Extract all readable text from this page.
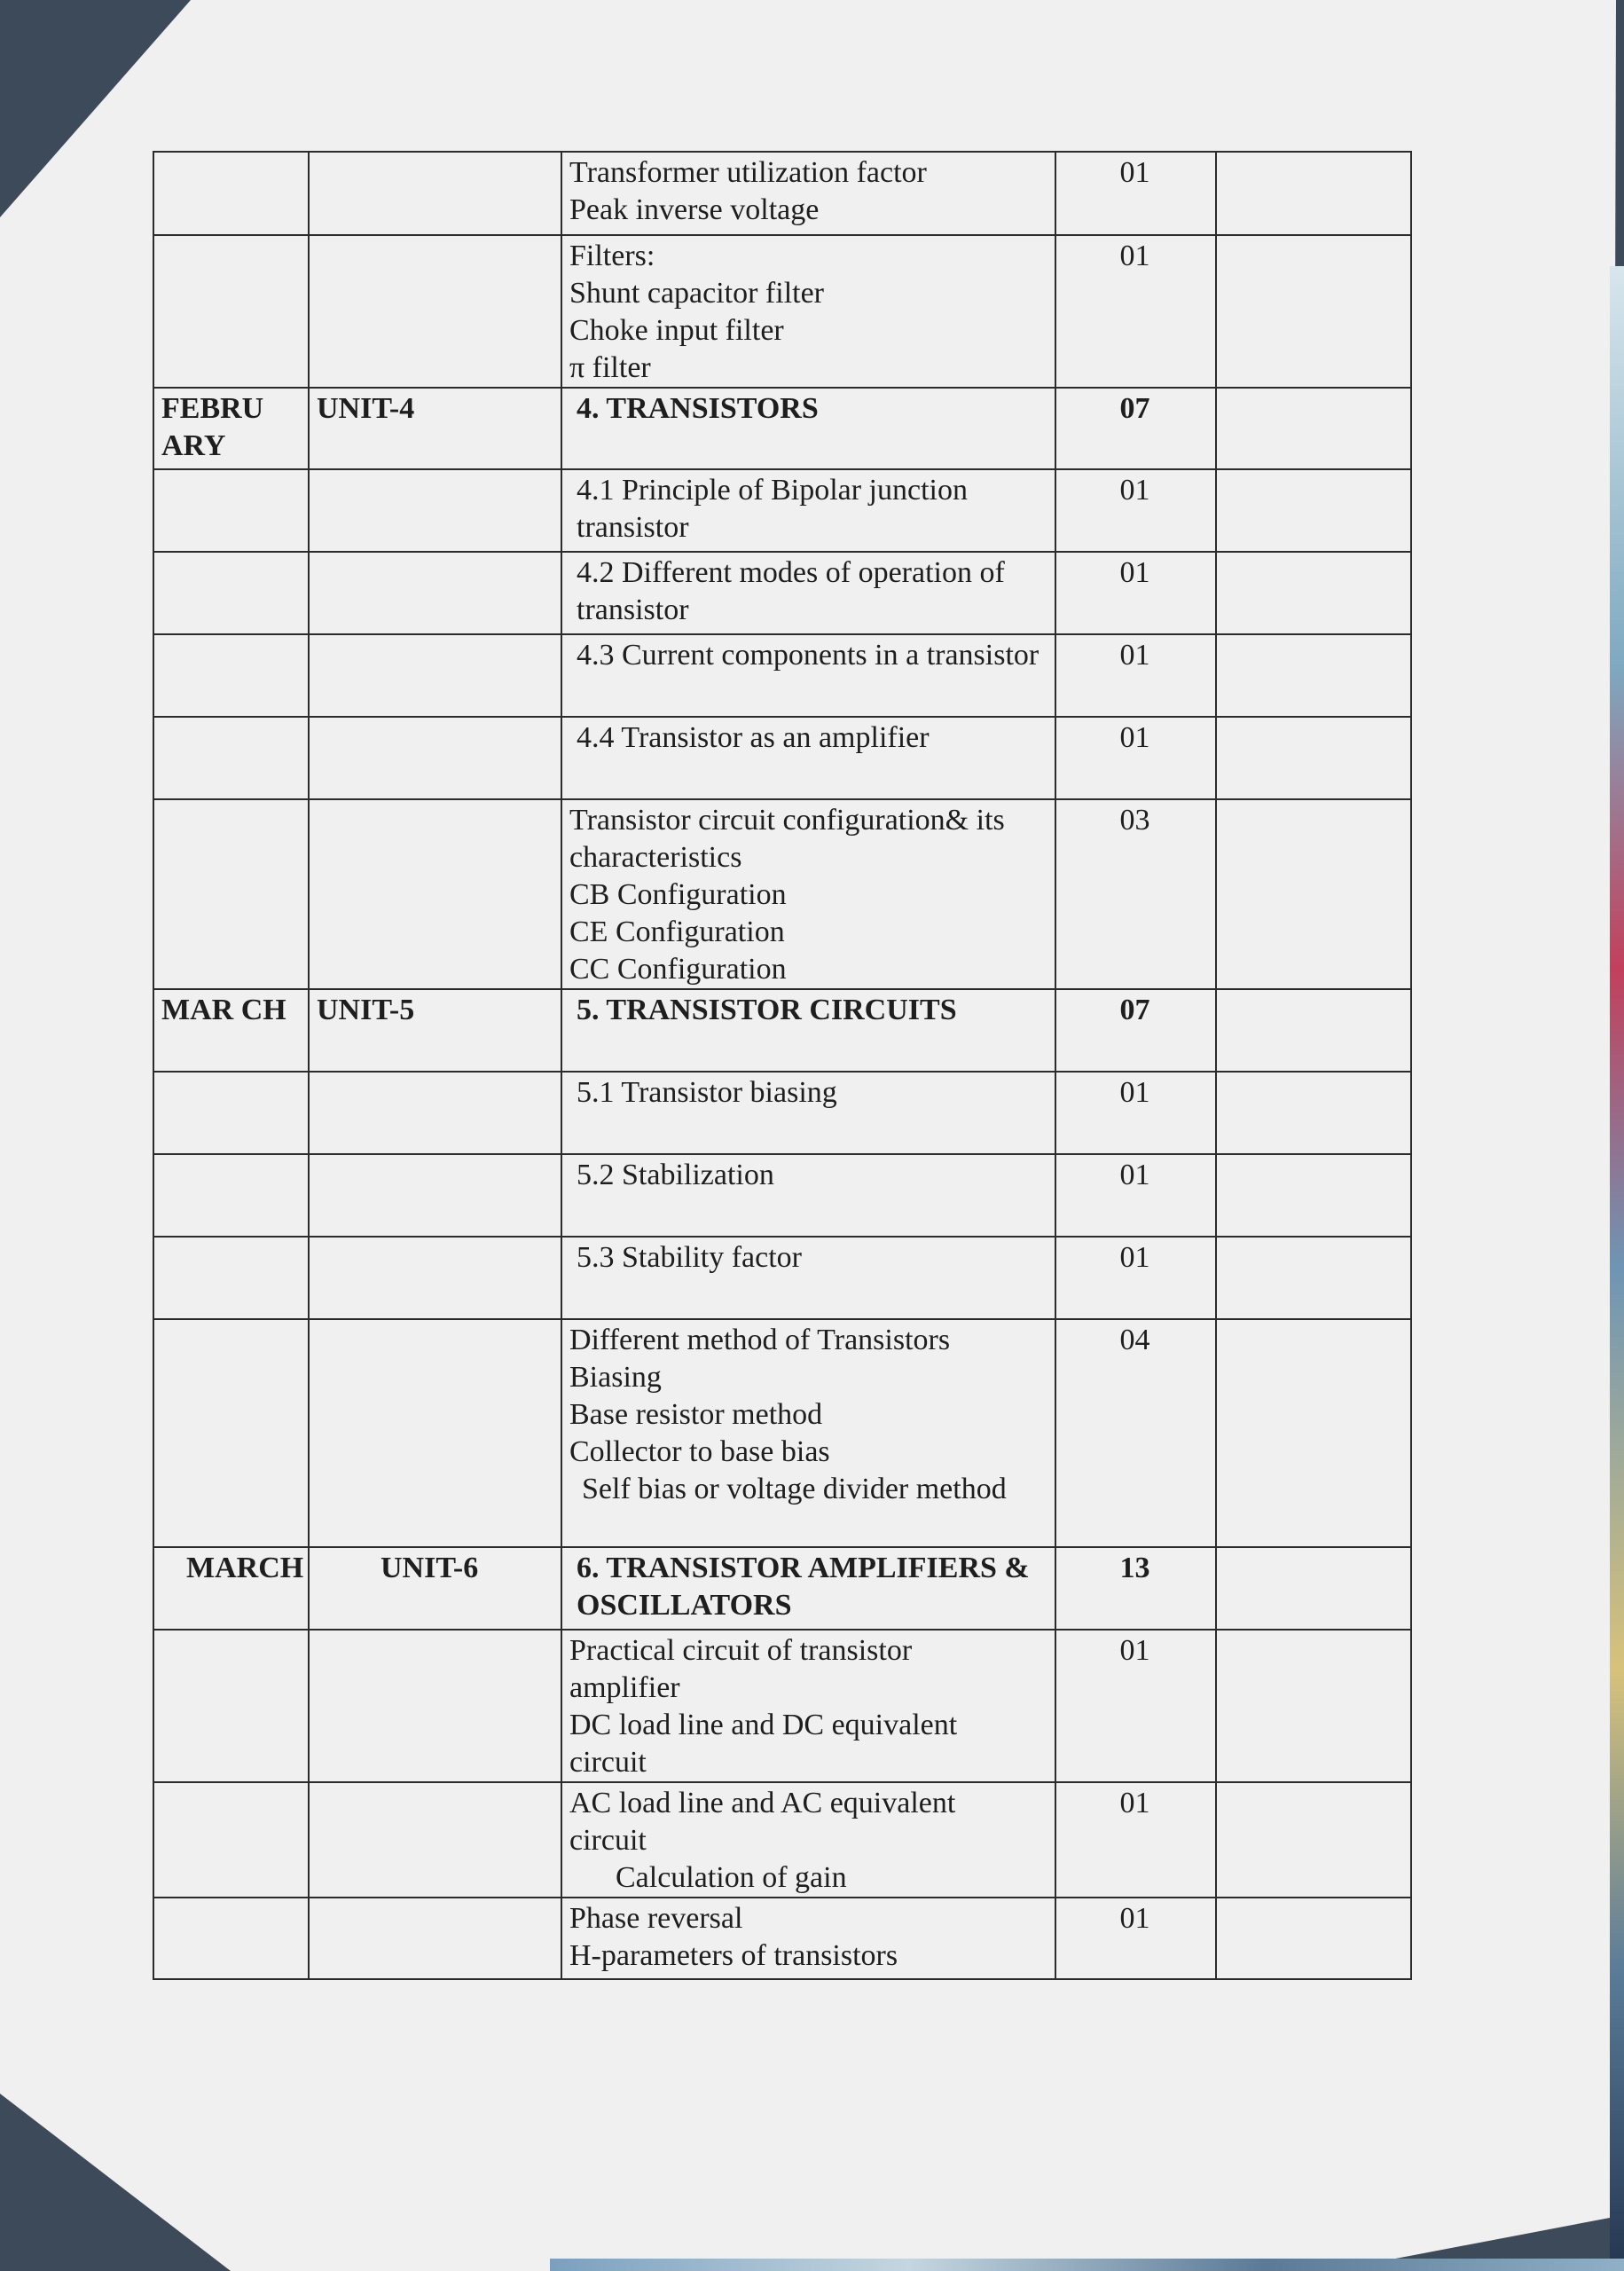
		Transformer utilization factor
Peak inverse voltage	01	

		Filters:
Shunt capacitor filter
Choke input filter
π filter	01	
FEBRU ARY	UNIT-4	4. TRANSISTORS	07	
		4.1 Principle of Bipolar junction transistor	01	
		4.2 Different modes of operation of transistor	01	

		4.3 Current components in a transistor	01	
		4.4 Transistor as an amplifier	01	

		Transistor circuit configuration& its characteristics
CB Configuration
CE Configuration
CC Configuration	03	
MAR CH	UNIT-5	5. TRANSISTOR CIRCUITS	07	
		5.1 Transistor biasing	01	
		5.2 Stabilization	01	
		5.3 Stability factor	01	

		Different method of Transistors Biasing
Base resistor method
Collector to base bias
Self bias or voltage divider method	04	
MARCH	UNIT-6	6. TRANSISTOR AMPLIFIERS & OSCILLATORS	13	

		Practical circuit of transistor amplifier
DC load line and DC equivalent circuit	01	

		AC load line and AC equivalent circuit
Calculation of gain	01	

		Phase reversal
H-parameters of transistors	01	
